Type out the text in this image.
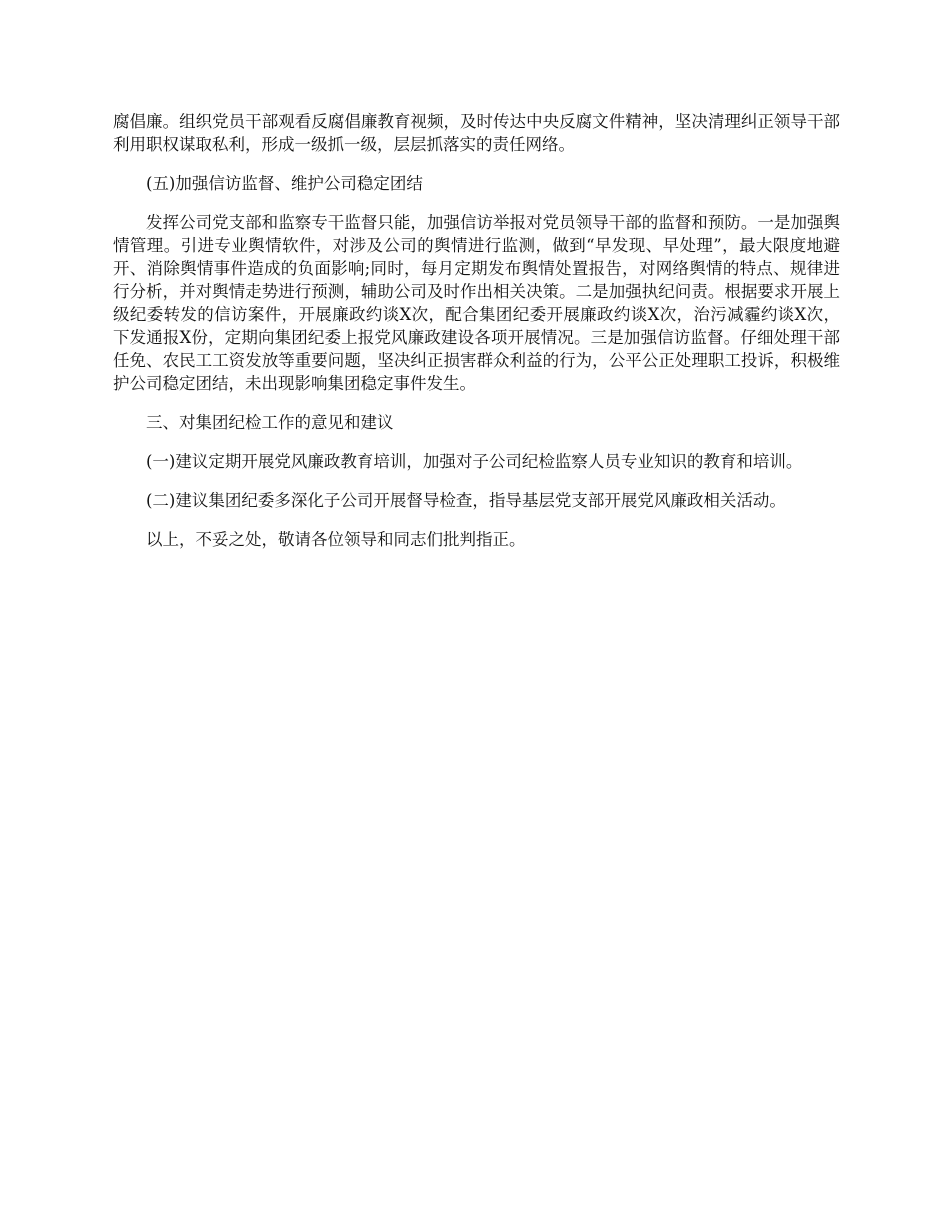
腐倡廉。组织党员干部观看反腐倡廉教育视频，及时传达中央反腐文件精神，坚决清理纠正领导干部利用职权谋取私利，形成一级抓一级，层层抓落实的责任网络。

(五)加强信访监督、维护公司稳定团结

发挥公司党支部和监察专干监督只能，加强信访举报对党员领导干部的监督和预防。一是加强舆情管理。引进专业舆情软件，对涉及公司的舆情进行监测，做到“早发现、早处理”，最大限度地避开、消除舆情事件造成的负面影响;同时，每月定期发布舆情处置报告，对网络舆情的特点、规律进行分析，并对舆情走势进行预测，辅助公司及时作出相关决策。二是加强执纪问责。根据要求开展上级纪委转发的信访案件，开展廉政约谈X次，配合集团纪委开展廉政约谈X次，治污减霾约谈X次，下发通报X份，定期向集团纪委上报党风廉政建设各项开展情况。三是加强信访监督。仔细处理干部任免、农民工工资发放等重要问题，坚决纠正损害群众利益的行为，公平公正处理职工投诉，积极维护公司稳定团结，未出现影响集团稳定事件发生。

三、对集团纪检工作的意见和建议

(一)建议定期开展党风廉政教育培训，加强对子公司纪检监察人员专业知识的教育和培训。

(二)建议集团纪委多深化子公司开展督导检查，指导基层党支部开展党风廉政相关活动。

以上，不妥之处，敬请各位领导和同志们批判指正。
